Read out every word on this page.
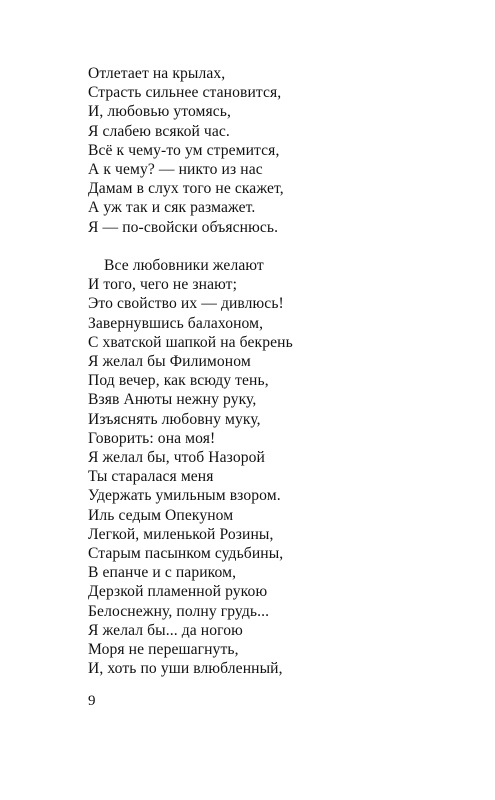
Отлетает на крылах,
Страсть сильнее становится,
И, любовью утомясь,
Я слабею всякой час.
Всё к чему-то ум стремится,
А к чему? — никто из нас
Дамам в слух того не скажет,
А уж так и сяк размажет.
Я — по-свойски объяснюсь.
Все любовники желают
И того, чего не знают;
Это свойство их — дивлюсь!
Завернувшись балахоном,
С хватской шапкой на бекрень
Я желал бы Филимоном
Под вечер, как всюду тень,
Взяв Анюты нежну руку,
Изъяснять любовну муку,
Говорить: она моя!
Я желал бы, чтоб Назорой
Ты старалася меня
Удержать умильным взором.
Иль седым Опекуном
Легкой, миленькой Розины,
Старым пасынком судьбины,
В епанче и с париком,
Дерзкой пламенной рукою
Белоснежну, полну грудь...
Я желал бы... да ногою
Моря не перешагнуть,
И, хоть по уши влюбленный,
9
